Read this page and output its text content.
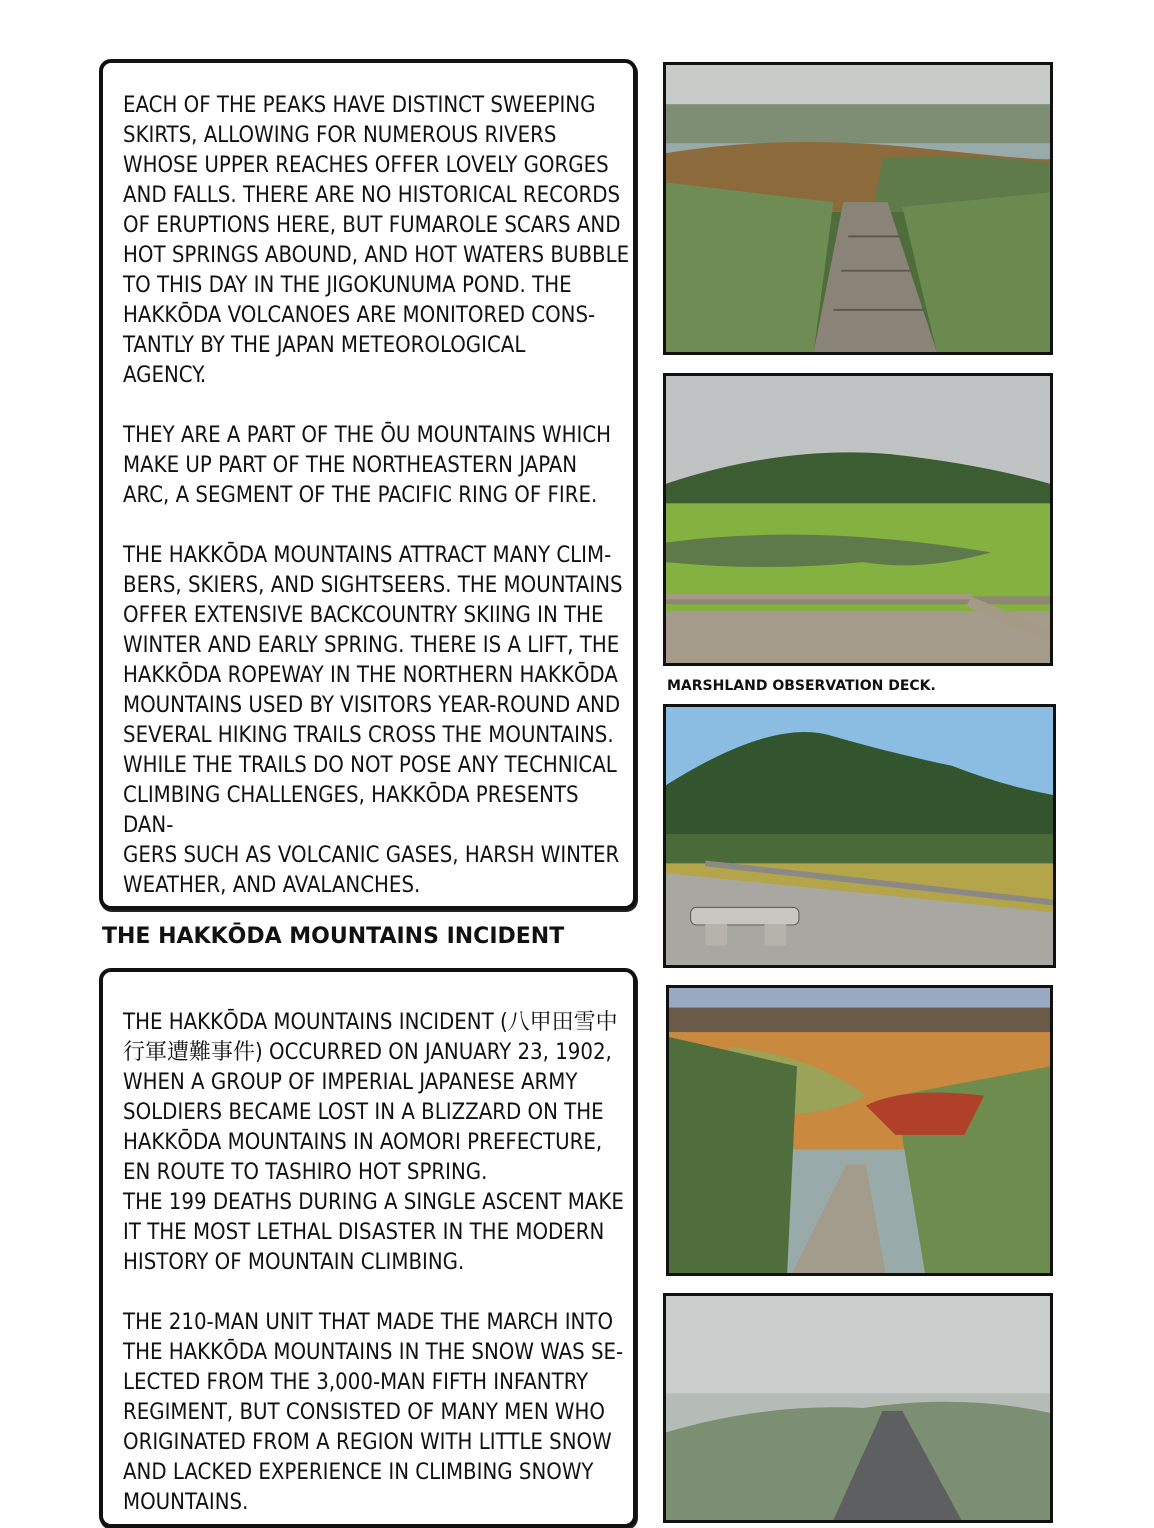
EACH OF THE PEAKS HAVE DISTINCT SWEEPING
SKIRTS, ALLOWING FOR NUMEROUS RIVERS
WHOSE UPPER REACHES OFFER LOVELY GORGES
AND FALLS. THERE ARE NO HISTORICAL RECORDS
OF ERUPTIONS HERE, BUT FUMAROLE SCARS AND
HOT SPRINGS ABOUND, AND HOT WATERS BUBBLE
TO THIS DAY IN THE JIGOKUNUMA POND. THE
HAKKŌDA VOLCANOES ARE MONITORED CONS-
TANTLY BY THE JAPAN METEOROLOGICAL
AGENCY.

THEY ARE A PART OF THE ŌU MOUNTAINS WHICH
MAKE UP PART OF THE NORTHEASTERN JAPAN
ARC, A SEGMENT OF THE PACIFIC RING OF FIRE.

THE HAKKŌDA MOUNTAINS ATTRACT MANY CLIM-
BERS, SKIERS, AND SIGHTSEERS. THE MOUNTAINS
OFFER EXTENSIVE BACKCOUNTRY SKIING IN THE
WINTER AND EARLY SPRING. THERE IS A LIFT, THE
HAKKŌDA ROPEWAY IN THE NORTHERN HAKKŌDA
MOUNTAINS USED BY VISITORS YEAR-ROUND AND
SEVERAL HIKING TRAILS CROSS THE MOUNTAINS.
WHILE THE TRAILS DO NOT POSE ANY TECHNICAL
CLIMBING CHALLENGES, HAKKŌDA PRESENTS DAN-
GERS SUCH AS VOLCANIC GASES, HARSH WINTER
WEATHER, AND AVALANCHES.

THE HAKKŌDA MOUNTAINS INCIDENT

THE HAKKŌDA MOUNTAINS INCIDENT (八甲田雪中
行軍遭難事件) OCCURRED ON JANUARY 23, 1902,
WHEN A GROUP OF IMPERIAL JAPANESE ARMY
SOLDIERS BECAME LOST IN A BLIZZARD ON THE
HAKKŌDA MOUNTAINS IN AOMORI PREFECTURE,
EN ROUTE TO TASHIRO HOT SPRING.
THE 199 DEATHS DURING A SINGLE ASCENT MAKE
IT THE MOST LETHAL DISASTER IN THE MODERN
HISTORY OF MOUNTAIN CLIMBING.

THE 210-MAN UNIT THAT MADE THE MARCH INTO
THE HAKKŌDA MOUNTAINS IN THE SNOW WAS SE-
LECTED FROM THE 3,000-MAN FIFTH INFANTRY
REGIMENT, BUT CONSISTED OF MANY MEN WHO
ORIGINATED FROM A REGION WITH LITTLE SNOW
AND LACKED EXPERIENCE IN CLIMBING SNOWY
MOUNTAINS.

MARSHLAND OBSERVATION DECK.
